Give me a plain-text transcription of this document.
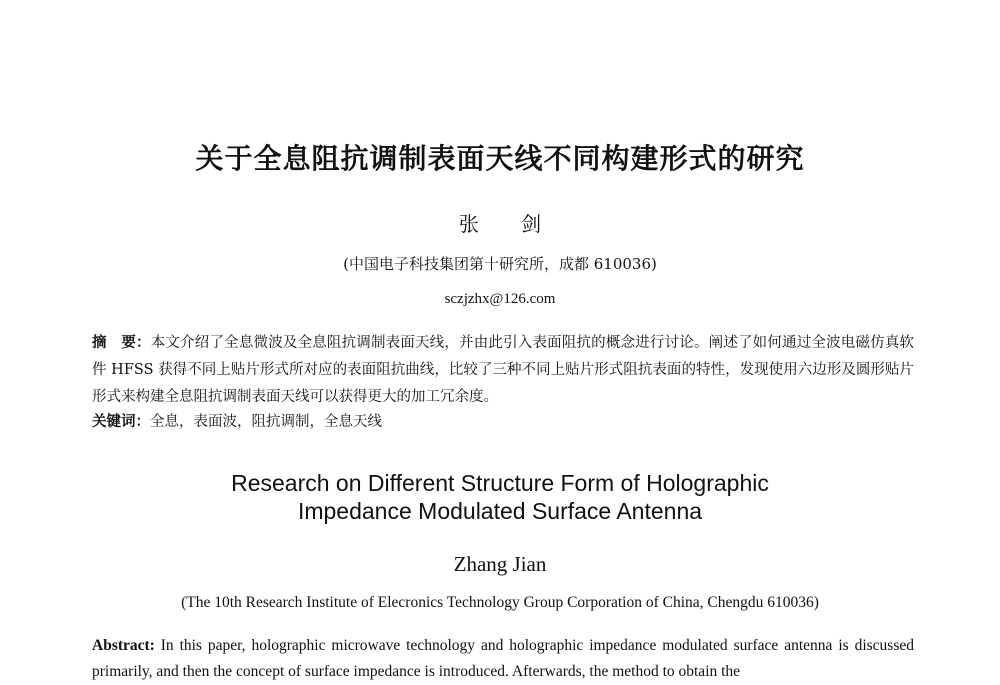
关于全息阻抗调制表面天线不同构建形式的研究
张 剑
(中国电子科技集团第十研究所，成都 610036)
sczjzhx@126.com
摘　要：本文介绍了全息微波及全息阻抗调制表面天线，并由此引入表面阻抗的概念进行讨论。阐述了如何通过全波电磁仿真软件 HFSS 获得不同上贴片形式所对应的表面阻抗曲线，比较了三种不同上贴片形式阻抗表面的特性，发现使用六边形及圆形贴片形式来构建全息阻抗调制表面天线可以获得更大的加工冗余度。
关键词：全息，表面波，阻抗调制，全息天线
Research on Different Structure Form of Holographic
Impedance Modulated Surface Antenna
Zhang Jian
(The 10th Research Institute of Elecronics Technology Group Corporation of China, Chengdu 610036)
Abstract: In this paper, holographic microwave technology and holographic impedance modulated surface antenna is discussed primarily, and then the concept of surface impedance is introduced. Afterwards, the method to obtain the
